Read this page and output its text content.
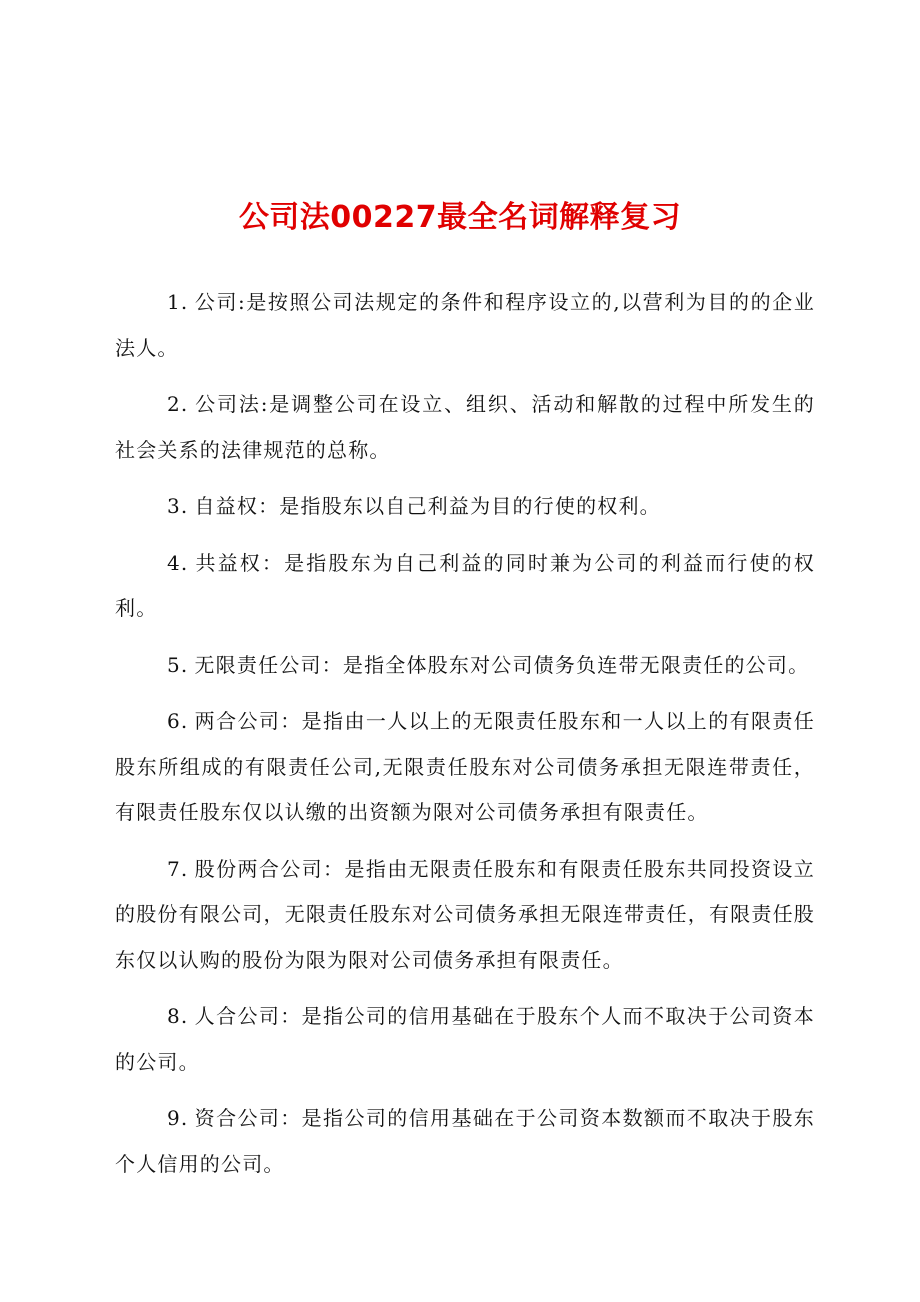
公司法00227最全名词解释复习

1. 公司:是按照公司法规定的条件和程序设立的,以营利为目的的企业法人。

2. 公司法:是调整公司在设立、组织、活动和解散的过程中所发生的社会关系的法律规范的总称。

3. 自益权：是指股东以自己利益为目的行使的权利。

4. 共益权：是指股东为自己利益的同时兼为公司的利益而行使的权利。

5. 无限责任公司：是指全体股东对公司债务负连带无限责任的公司。

6. 两合公司：是指由一人以上的无限责任股东和一人以上的有限责任股东所组成的有限责任公司,无限责任股东对公司债务承担无限连带责任，有限责任股东仅以认缴的出资额为限对公司债务承担有限责任。

7. 股份两合公司：是指由无限责任股东和有限责任股东共同投资设立的股份有限公司，无限责任股东对公司债务承担无限连带责任，有限责任股东仅以认购的股份为限为限对公司债务承担有限责任。

8. 人合公司：是指公司的信用基础在于股东个人而不取决于公司资本的公司。

9. 资合公司：是指公司的信用基础在于公司资本数额而不取决于股东个人信用的公司。
